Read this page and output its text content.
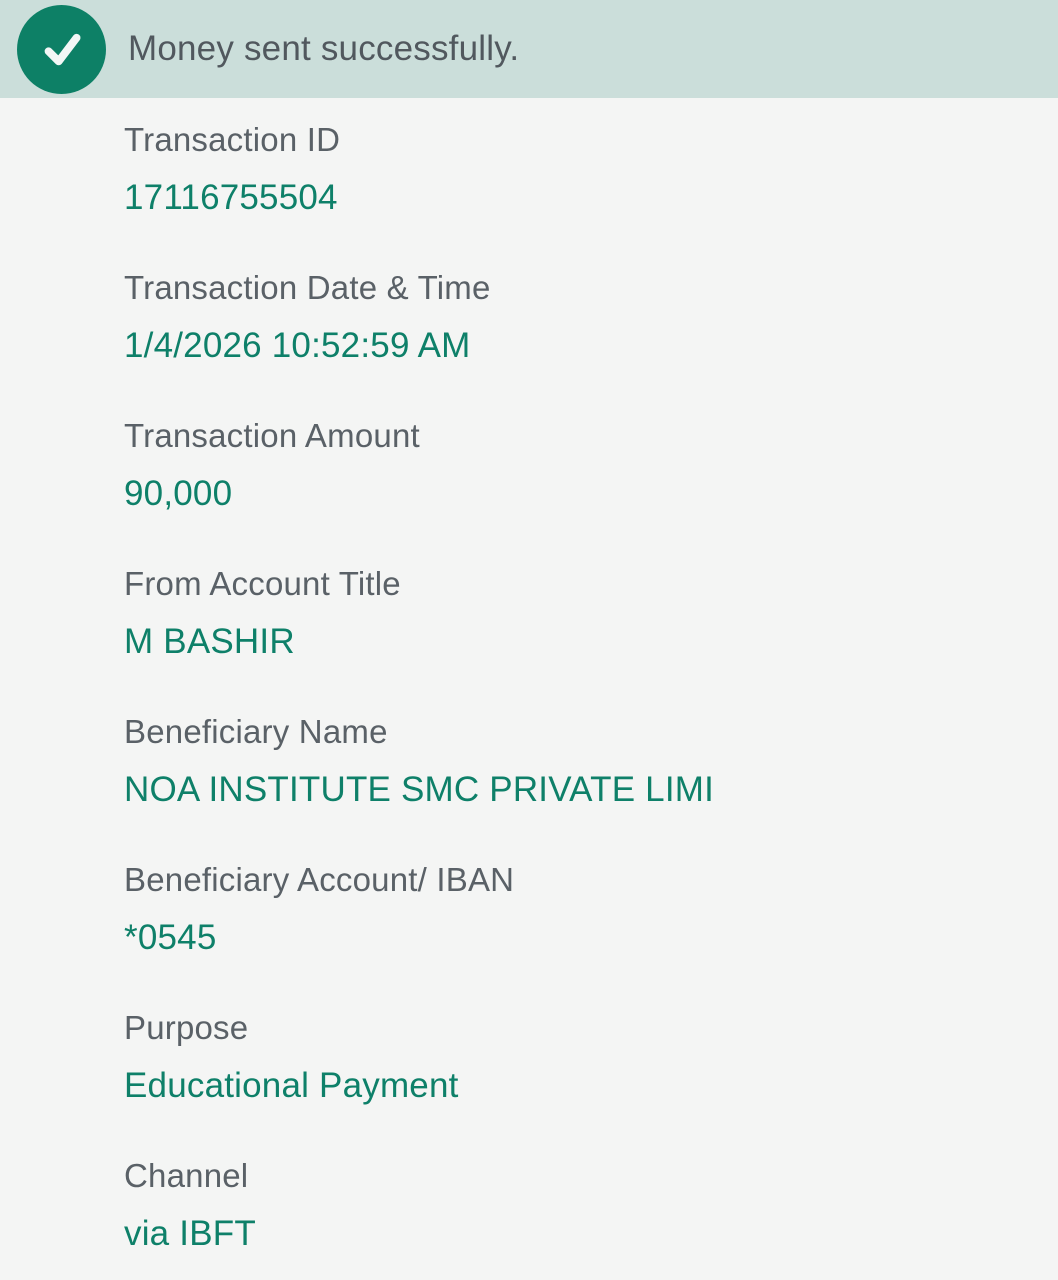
Money sent successfully.
Transaction ID
17116755504
Transaction Date & Time
1/4/2026 10:52:59 AM
Transaction Amount
90,000
From Account Title
M BASHIR
Beneficiary Name
NOA INSTITUTE SMC PRIVATE LIMI
Beneficiary Account/ IBAN
*0545
Purpose
Educational Payment
Channel
via IBFT
